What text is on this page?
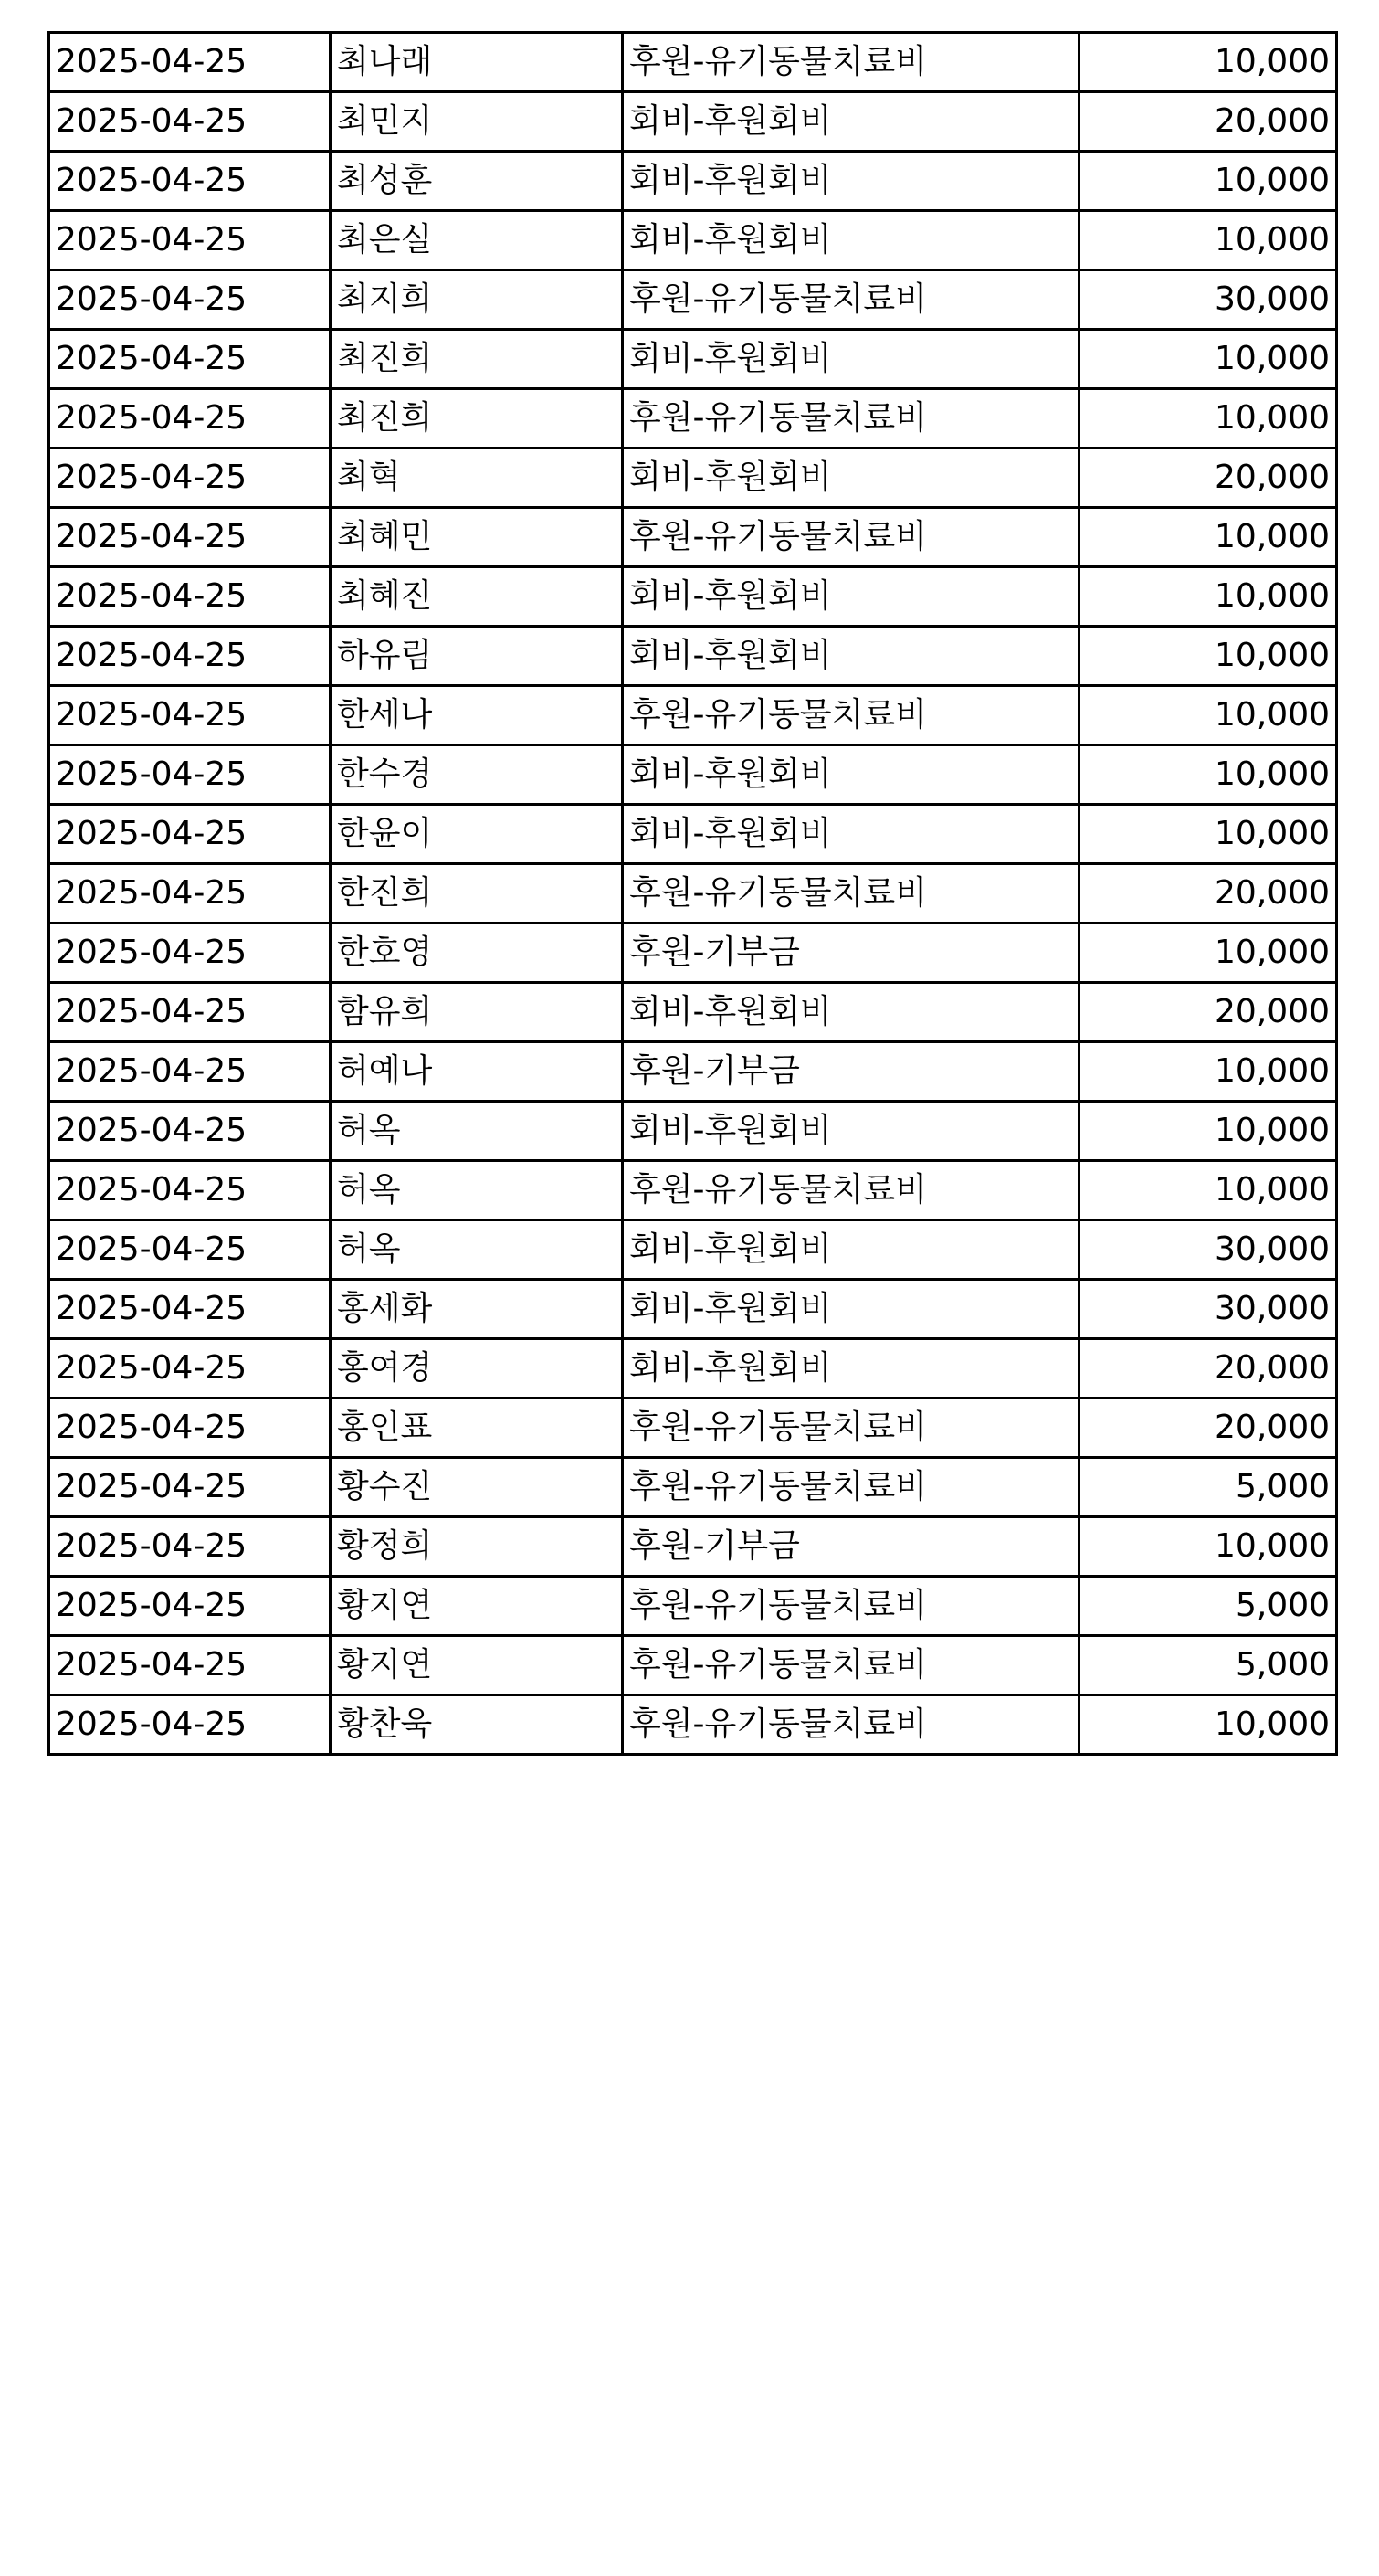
2025-04-25	최나래	후원-유기동물치료비	10,000
2025-04-25	최민지	회비-후원회비	20,000
2025-04-25	최성훈	회비-후원회비	10,000
2025-04-25	최은실	회비-후원회비	10,000
2025-04-25	최지희	후원-유기동물치료비	30,000
2025-04-25	최진희	회비-후원회비	10,000
2025-04-25	최진희	후원-유기동물치료비	10,000
2025-04-25	최혁	회비-후원회비	20,000
2025-04-25	최혜민	후원-유기동물치료비	10,000
2025-04-25	최혜진	회비-후원회비	10,000
2025-04-25	하유림	회비-후원회비	10,000
2025-04-25	한세나	후원-유기동물치료비	10,000
2025-04-25	한수경	회비-후원회비	10,000
2025-04-25	한윤이	회비-후원회비	10,000
2025-04-25	한진희	후원-유기동물치료비	20,000
2025-04-25	한호영	후원-기부금	10,000
2025-04-25	함유희	회비-후원회비	20,000
2025-04-25	허예나	후원-기부금	10,000
2025-04-25	허옥	회비-후원회비	10,000
2025-04-25	허옥	후원-유기동물치료비	10,000
2025-04-25	허옥	회비-후원회비	30,000
2025-04-25	홍세화	회비-후원회비	30,000
2025-04-25	홍여경	회비-후원회비	20,000
2025-04-25	홍인표	후원-유기동물치료비	20,000
2025-04-25	황수진	후원-유기동물치료비	5,000
2025-04-25	황정희	후원-기부금	10,000
2025-04-25	황지연	후원-유기동물치료비	5,000
2025-04-25	황지연	후원-유기동물치료비	5,000
2025-04-25	황찬욱	후원-유기동물치료비	10,000
